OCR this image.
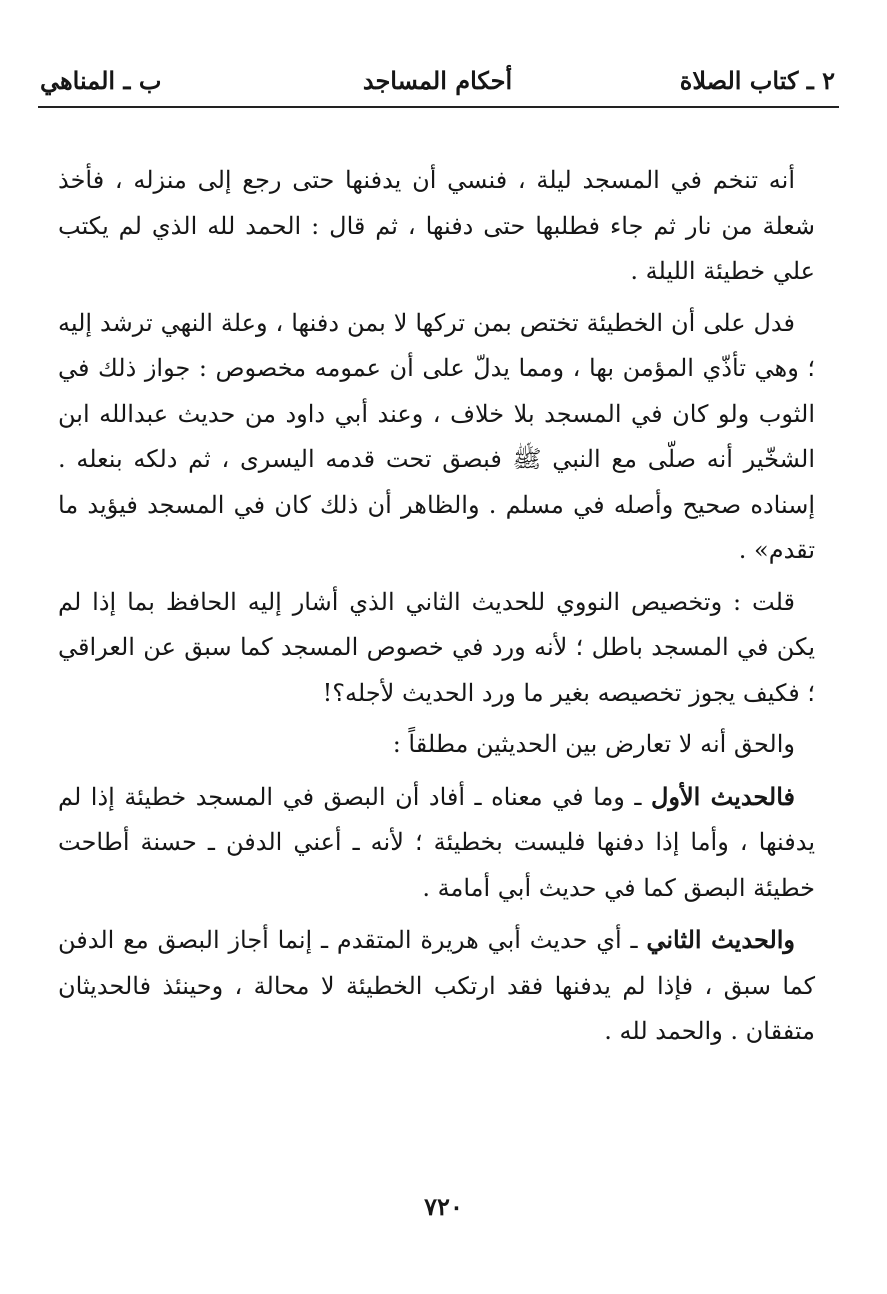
٢ ـ كتاب الصلاة
أحكام المساجد
ب ـ المناهي

أنه تنخم في المسجد ليلة ، فنسي أن يدفنها حتى رجع إلى منزله ، فأخذ شعلة من نار ثم جاء فطلبها حتى دفنها ، ثم قال : الحمد لله الذي لم يكتب علي خطيئة الليلة .

فدل على أن الخطيئة تختص بمن تركها لا بمن دفنها ، وعلة النهي ترشد إليه ؛ وهي تأذّي المؤمن بها ، ومما يدلّ على أن عمومه مخصوص : جواز ذلك في الثوب ولو كان في المسجد بلا خلاف ، وعند أبي داود من حديث عبدالله ابن الشخّير أنه صلّى مع النبي ﷺ فبصق تحت قدمه اليسرى ، ثم دلكه بنعله . إسناده صحيح وأصله في مسلم . والظاهر أن ذلك كان في المسجد فيؤيد ما تقدم» .

قلت : وتخصيص النووي للحديث الثاني الذي أشار إليه الحافظ بما إذا لم يكن في المسجد باطل ؛ لأنه ورد في خصوص المسجد كما سبق عن العراقي ؛ فكيف يجوز تخصيصه بغير ما ورد الحديث لأجله؟!

والحق أنه لا تعارض بين الحديثين مطلقاً :

فالحديث الأول ـ وما في معناه ـ أفاد أن البصق في المسجد خطيئة إذا لم يدفنها ، وأما إذا دفنها فليست بخطيئة ؛ لأنه ـ أعني الدفن ـ حسنة أطاحت خطيئة البصق كما في حديث أبي أمامة .

والحديث الثاني ـ أي حديث أبي هريرة المتقدم ـ إنما أجاز البصق مع الدفن كما سبق ، فإذا لم يدفنها فقد ارتكب الخطيئة لا محالة ، وحينئذ فالحديثان متفقان . والحمد لله .

٧٢٠
